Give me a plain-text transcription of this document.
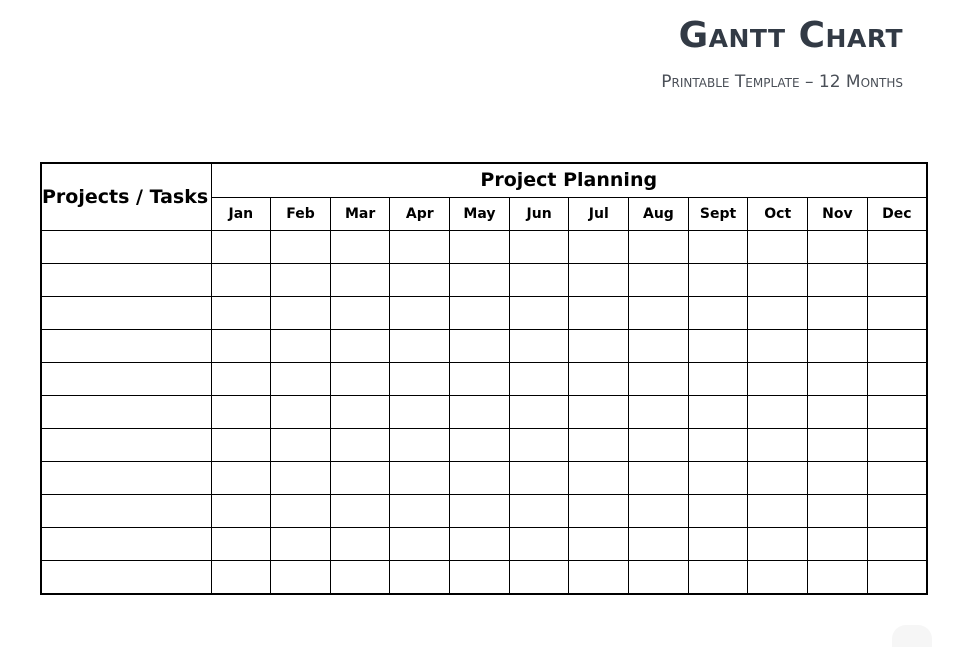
Gantt Chart
Printable Template – 12 Months
Projects / Tasks	Project Planning											
	Jan	Feb	Mar	Apr	May	Jun	Jul	Aug	Sept	Oct	Nov	Dec
